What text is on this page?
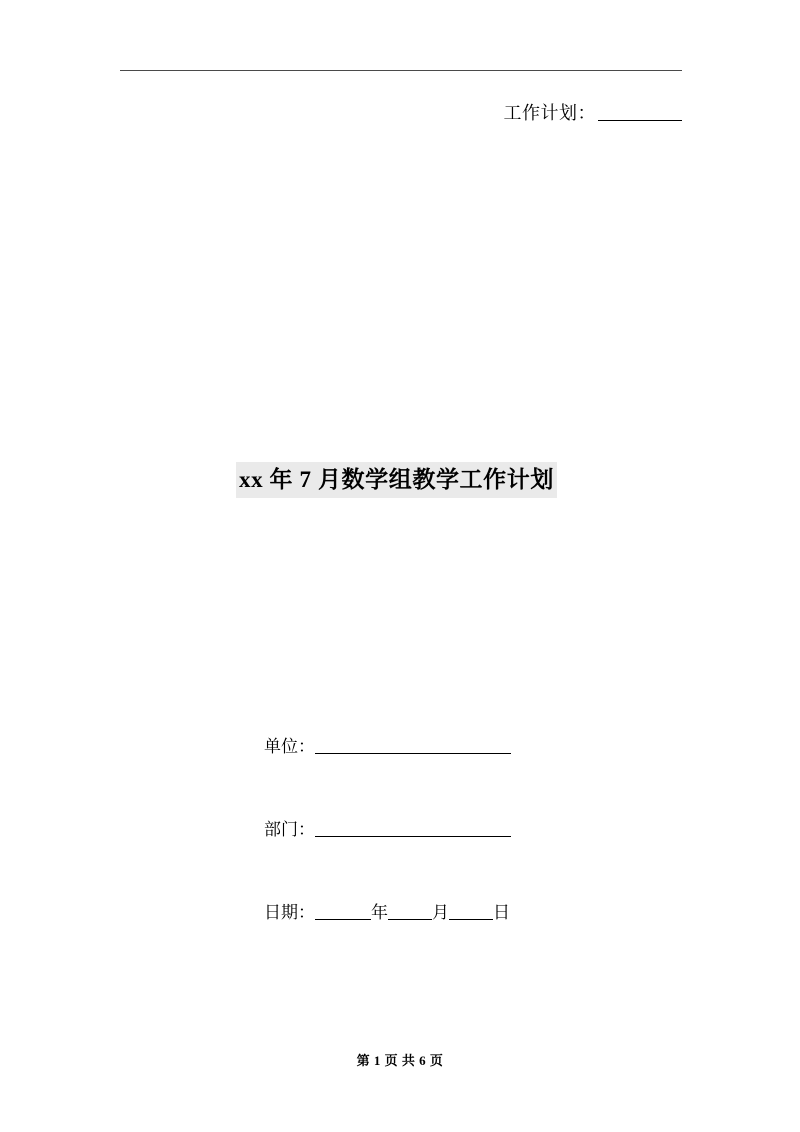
工作计划：
xx 年 7 月数学组教学工作计划
单位：
部门：
日期：	年	月	日
第 1 页 共 6 页
